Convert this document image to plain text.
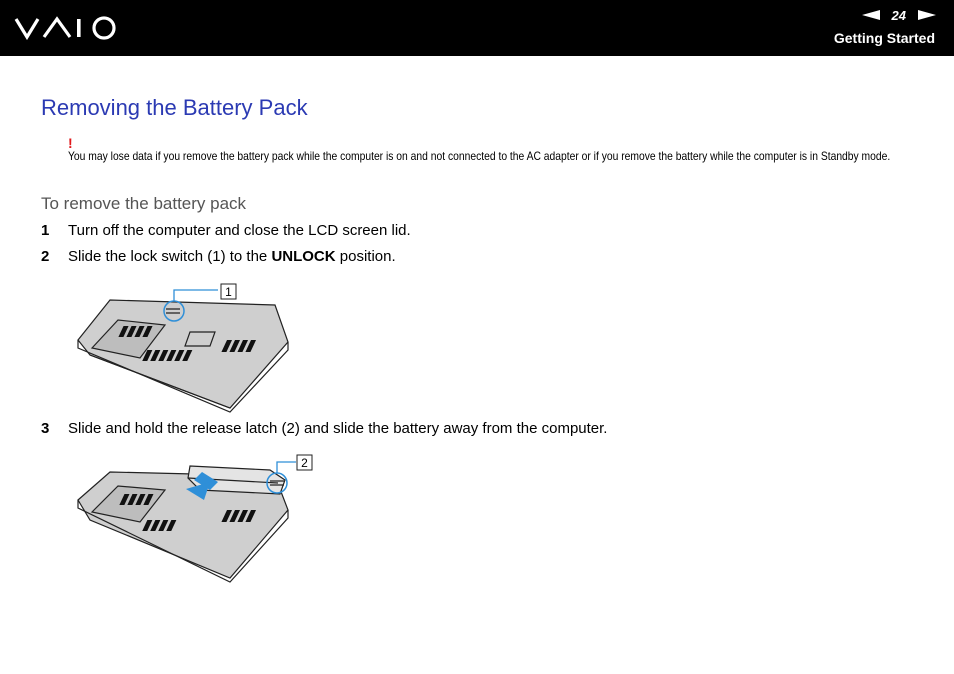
24
Getting Started
Removing the Battery Pack
!

You may lose data if you remove the battery pack while the computer is on and not connected to the AC adapter or if you remove the battery while the computer is in Standby mode.

To remove the battery pack
1	Turn off the computer and close the LCD screen lid.
2	Slide the lock switch (1) to the UNLOCK position.
1
3	Slide and hold the release latch (2) and slide the battery away from the computer.
2
